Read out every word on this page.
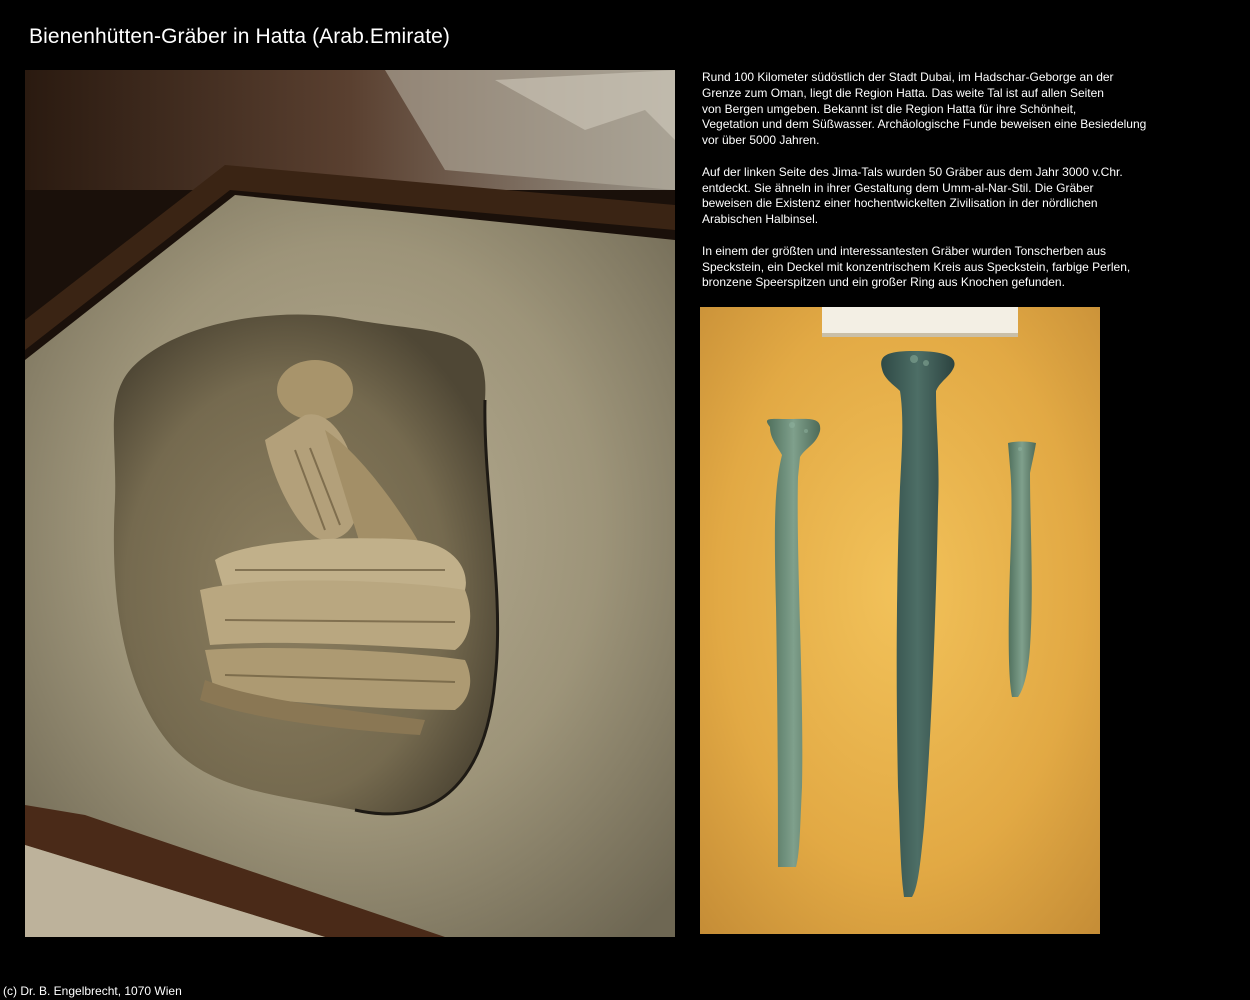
Bienenhütten-Gräber in Hatta (Arab.Emirate)

Rund 100 Kilometer südöstlich der Stadt Dubai, im Hadschar-Geborge an der
Grenze zum Oman, liegt die Region Hatta. Das weite Tal ist auf allen Seiten
von Bergen umgeben. Bekannt ist die Region Hatta für ihre Schönheit,
Vegetation und dem Süßwasser. Archäologische Funde beweisen eine Besiedelung
vor über 5000 Jahren.

Auf der linken Seite des Jima-Tals wurden 50 Gräber aus dem Jahr 3000 v.Chr.
entdeckt. Sie ähneln in ihrer Gestaltung dem Umm-al-Nar-Stil. Die Gräber
beweisen die Existenz einer hochentwickelten Zivilisation in der nördlichen
Arabischen Halbinsel.

In einem der größten und interessantesten Gräber wurden Tonscherben aus
Speckstein, ein Deckel mit konzentrischem Kreis aus Speckstein, farbige Perlen,
bronzene Speerspitzen und ein großer Ring aus Knochen gefunden.

(c) Dr. B. Engelbrecht, 1070 Wien
